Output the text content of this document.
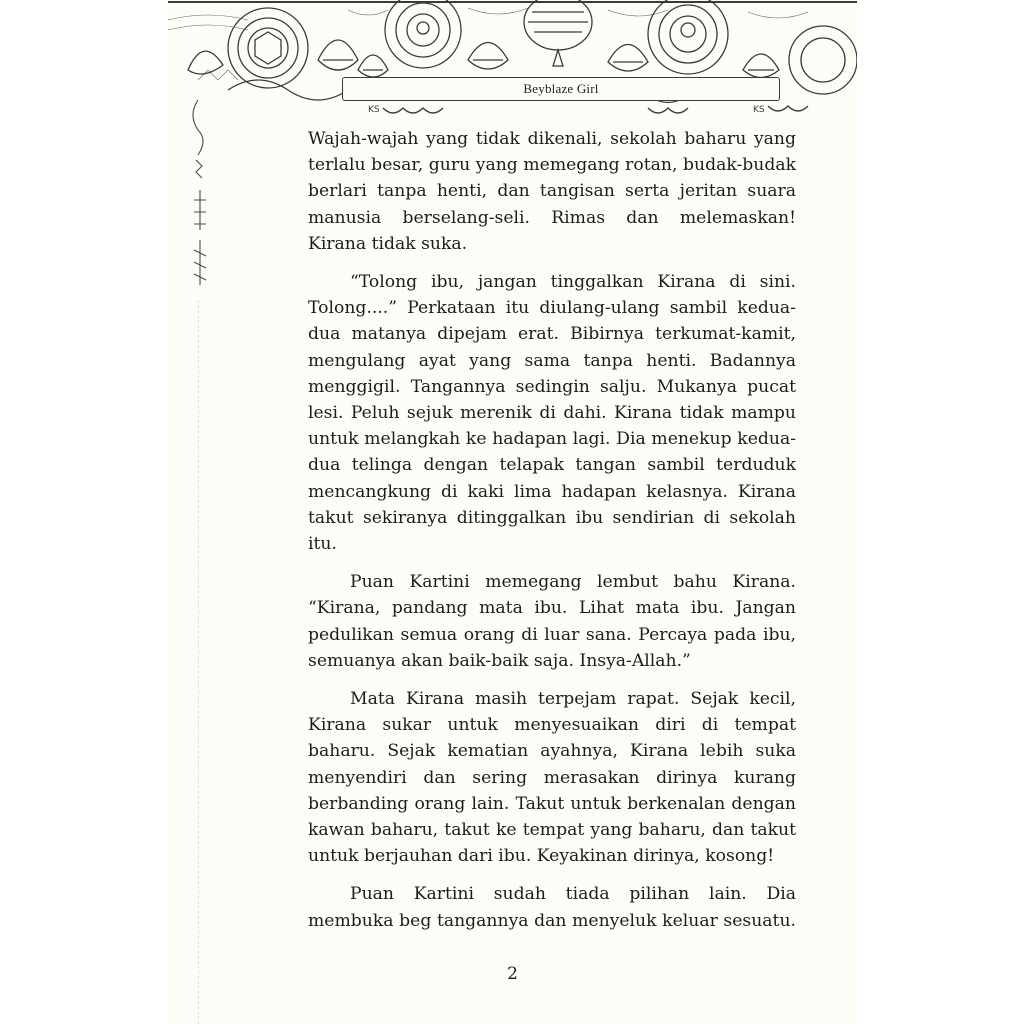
KS	KS
Beyblaze Girl

Wajah-wajah yang tidak dikenali, sekolah baharu yang terlalu besar, guru yang memegang rotan, budak-budak berlari tanpa henti, dan tangisan serta jeritan suara manusia berselang-seli. Rimas dan melemaskan! Kirana tidak suka.

“Tolong ibu, jangan tinggalkan Kirana di sini. Tolong....” Perkataan itu diulang-ulang sambil kedua-dua matanya dipejam erat. Bibirnya terkumat-kamit, mengulang ayat yang sama tanpa henti. Badannya menggigil. Tangannya sedingin salju. Mukanya pucat lesi. Peluh sejuk merenik di dahi. Kirana tidak mampu untuk melangkah ke hadapan lagi. Dia menekup kedua-dua telinga dengan telapak tangan sambil terduduk mencangkung di kaki lima hadapan kelasnya. Kirana takut sekiranya ditinggalkan ibu sendirian di sekolah itu.

Puan Kartini memegang lembut bahu Kirana. “Kirana, pandang mata ibu. Lihat mata ibu. Jangan pedulikan semua orang di luar sana. Percaya pada ibu, semuanya akan baik-baik saja. Insya-Allah.”

Mata Kirana masih terpejam rapat. Sejak kecil, Kirana sukar untuk menyesuaikan diri di tempat baharu. Sejak kematian ayahnya, Kirana lebih suka menyendiri dan sering merasakan dirinya kurang berbanding orang lain. Takut untuk berkenalan dengan kawan baharu, takut ke tempat yang baharu, dan takut untuk berjauhan dari ibu. Keyakinan dirinya, kosong!

Puan Kartini sudah tiada pilihan lain. Dia membuka beg tangannya dan menyeluk keluar sesuatu.

2
